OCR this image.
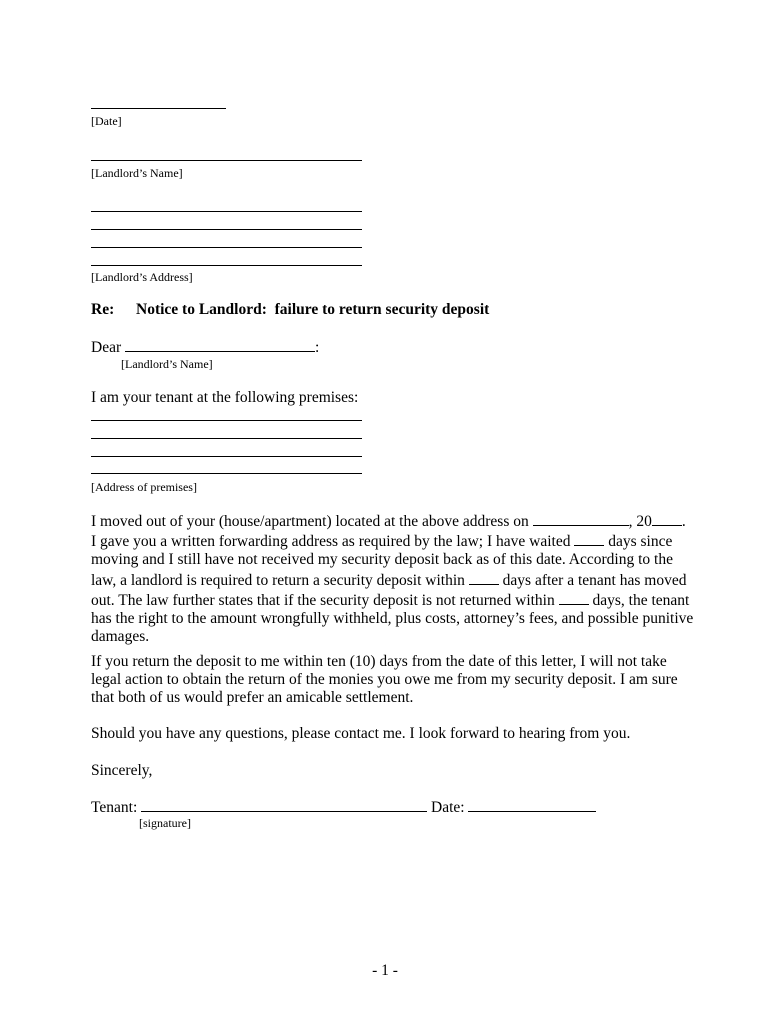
[Date]
[Landlord’s Name]
[Landlord’s Address]
Re: Notice to Landlord:  failure to return security deposit
Dear	:
[Landlord’s Name]
I am your tenant at the following premises:
[Address of premises]

I moved out of your (house/apartment) located at the above address on	, 20 .

I gave you a written forwarding address as required by the law; I have waited days since

moving and I still have not received my security deposit back as of this date. According to the

law, a landlord is required to return a security deposit within days after a tenant has moved

out. The law further states that if the security deposit is not returned within days, the tenant

has the right to the amount wrongfully withheld, plus costs, attorney’s fees, and possible punitive

damages.

If you return the deposit to me within ten (10) days from the date of this letter, I will not take

legal action to obtain the return of the monies you owe me from my security deposit. I am sure

that both of us would prefer an amicable settlement.

Should you have any questions, please contact me. I look forward to hearing from you.

Sincerely,
Tenant:	Date:
[signature]
- 1 -
